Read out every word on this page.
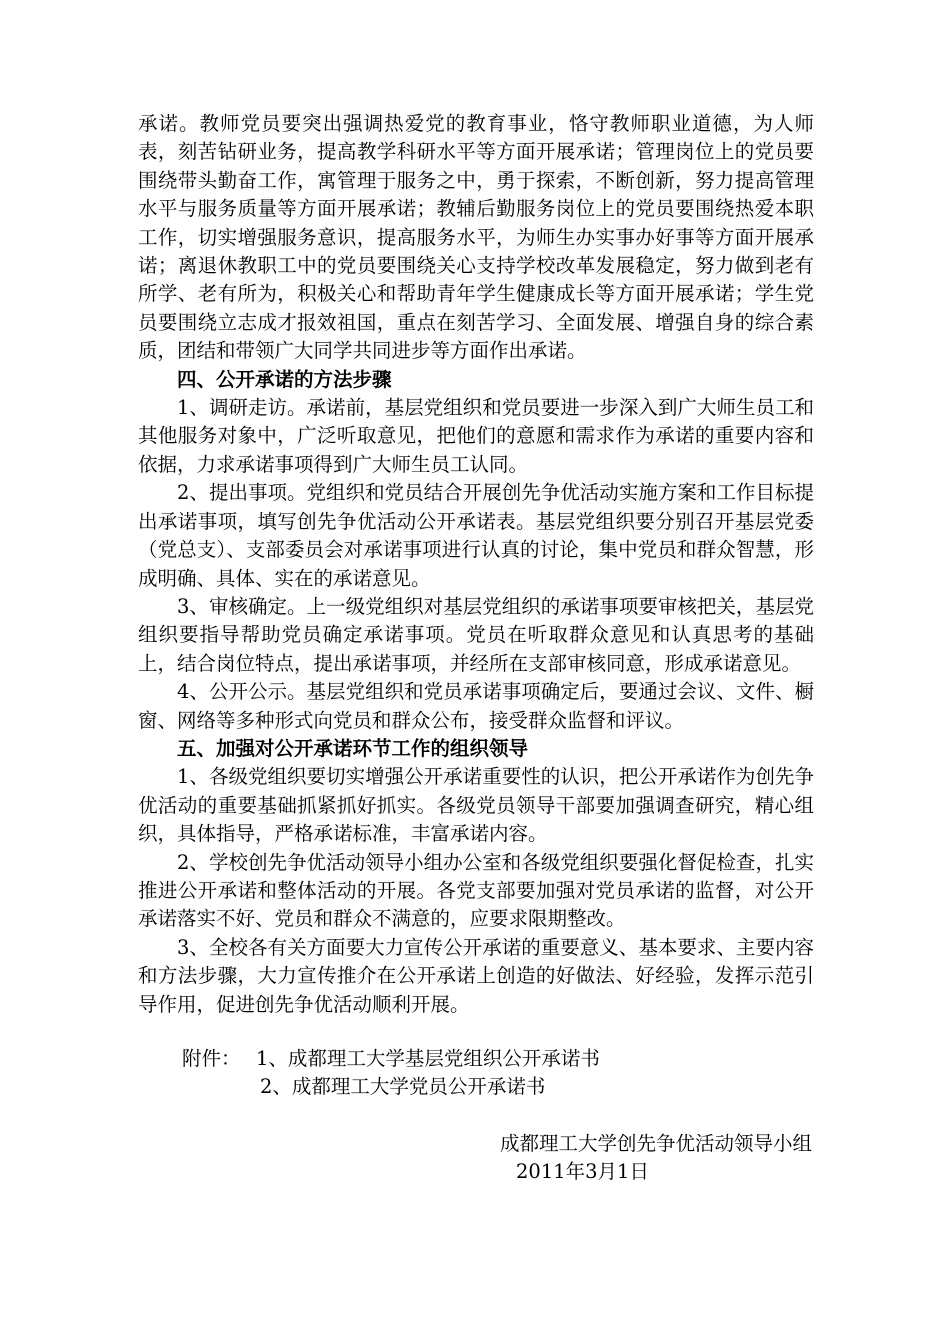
承诺。教师党员要突出强调热爱党的教育事业，恪守教师职业道德，为人师表，刻苦钻研业务，提高教学科研水平等方面开展承诺；管理岗位上的党员要围绕带头勤奋工作，寓管理于服务之中，勇于探索，不断创新，努力提高管理水平与服务质量等方面开展承诺；教辅后勤服务岗位上的党员要围绕热爱本职工作，切实增强服务意识，提高服务水平，为师生办实事办好事等方面开展承诺；离退休教职工中的党员要围绕关心支持学校改革发展稳定，努力做到老有所学、老有所为，积极关心和帮助青年学生健康成长等方面开展承诺；学生党员要围绕立志成才报效祖国，重点在刻苦学习、全面发展、增强自身的综合素质，团结和带领广大同学共同进步等方面作出承诺。

四、公开承诺的方法步骤

1、调研走访。承诺前，基层党组织和党员要进一步深入到广大师生员工和其他服务对象中，广泛听取意见，把他们的意愿和需求作为承诺的重要内容和依据，力求承诺事项得到广大师生员工认同。

2、提出事项。党组织和党员结合开展创先争优活动实施方案和工作目标提出承诺事项，填写创先争优活动公开承诺表。基层党组织要分别召开基层党委（党总支）、支部委员会对承诺事项进行认真的讨论，集中党员和群众智慧，形成明确、具体、实在的承诺意见。

3、审核确定。上一级党组织对基层党组织的承诺事项要审核把关，基层党组织要指导帮助党员确定承诺事项。党员在听取群众意见和认真思考的基础上，结合岗位特点，提出承诺事项，并经所在支部审核同意，形成承诺意见。

4、公开公示。基层党组织和党员承诺事项确定后，要通过会议、文件、橱窗、网络等多种形式向党员和群众公布，接受群众监督和评议。

五、加强对公开承诺环节工作的组织领导

1、各级党组织要切实增强公开承诺重要性的认识，把公开承诺作为创先争优活动的重要基础抓紧抓好抓实。各级党员领导干部要加强调查研究，精心组织，具体指导，严格承诺标准，丰富承诺内容。

2、学校创先争优活动领导小组办公室和各级党组织要强化督促检查，扎实推进公开承诺和整体活动的开展。各党支部要加强对党员承诺的监督，对公开承诺落实不好、党员和群众不满意的，应要求限期整改。

3、全校各有关方面要大力宣传公开承诺的重要意义、基本要求、主要内容和方法步骤，大力宣传推介在公开承诺上创造的好做法、好经验，发挥示范引导作用，促进创先争优活动顺利开展。

附件： 1、成都理工大学基层党组织公开承诺书
2、成都理工大学党员公开承诺书
成都理工大学创先争优活动领导小组
2011年3月1日
